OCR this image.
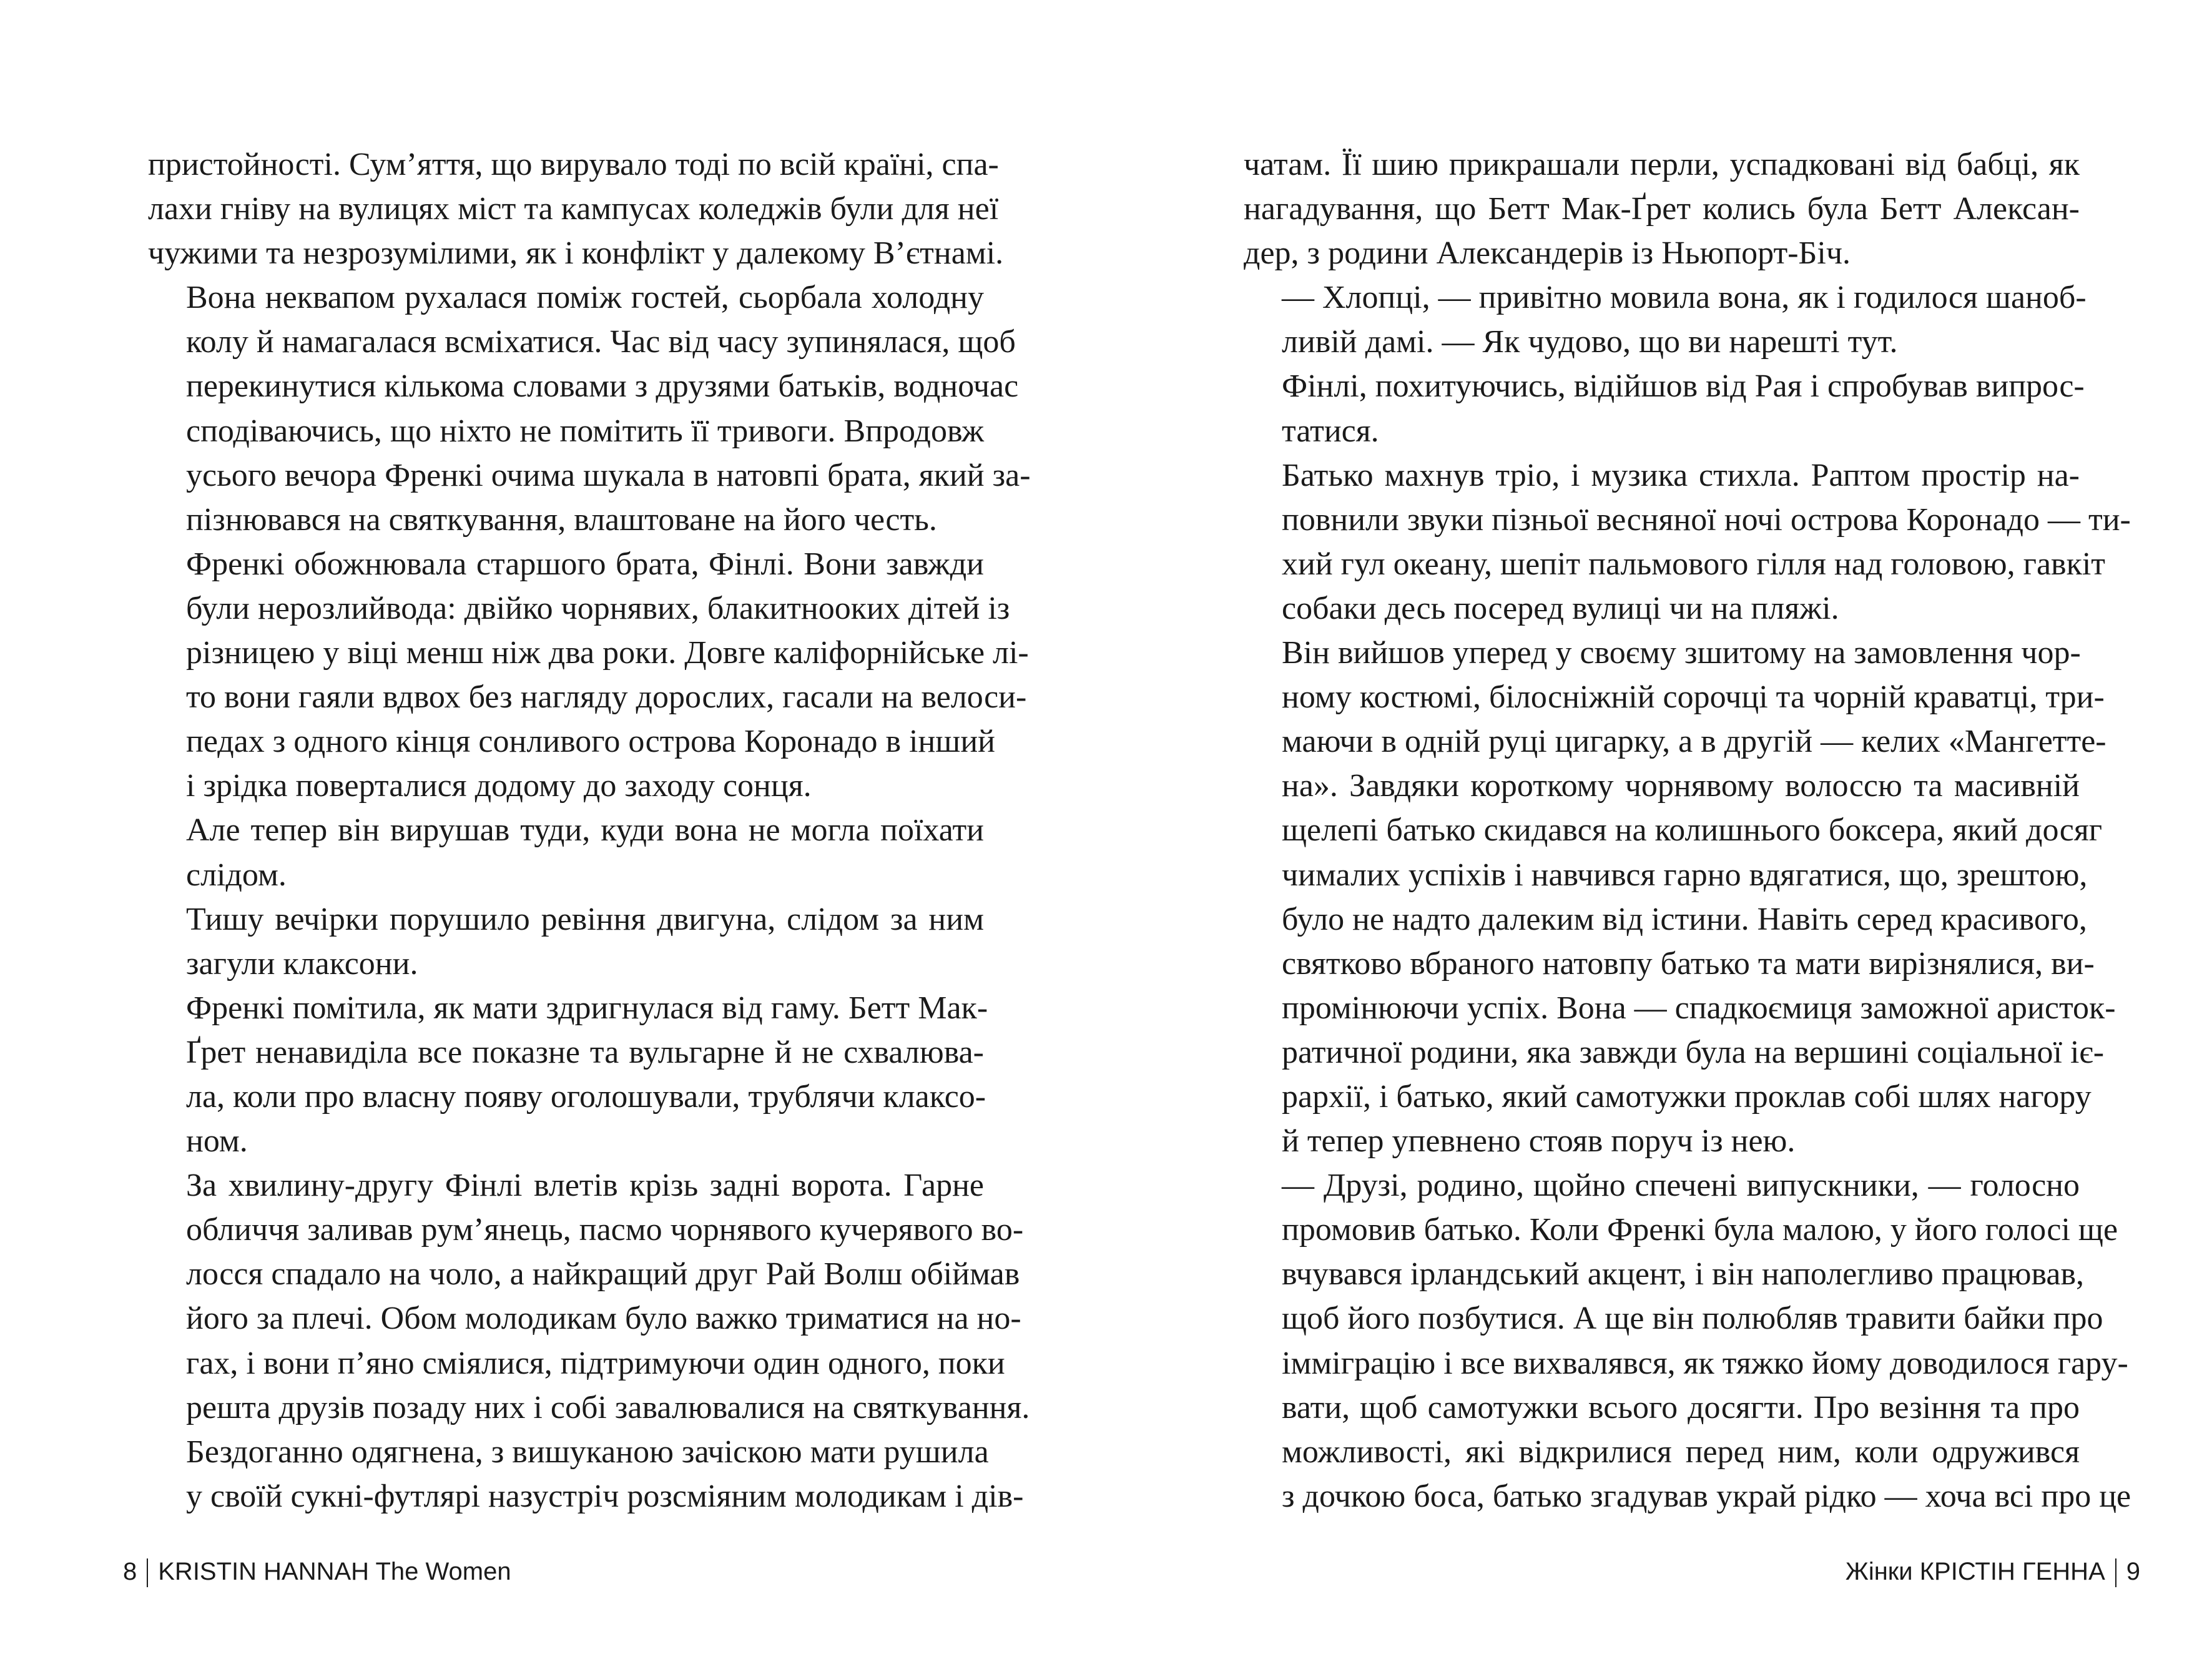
пристойності. Сум’яття, що вирувало тоді по всій країні, спа-
лахи гніву на вулицях міст та кампусах коледжів були для неї
чужими та незрозумілими, як і конфлікт у далекому В’єтнамі.

Вона неквапом рухалася поміж гостей, сьорбала холодну
колу й намагалася всміхатися. Час від часу зупинялася, щоб
перекинутися кількома словами з друзями батьків, водночас
сподіваючись, що ніхто не помітить її тривоги. Впродовж
усього вечора Френкі очима шукала в натовпі брата, який за-
пізнювався на святкування, влаштоване на його честь.

Френкі обожнювала старшого брата, Фінлі. Вони завжди
були нерозлийвода: двійко чорнявих, блакитнооких дітей із
різницею у віці менш ніж два роки. Довге каліфорнійське лі-
то вони гаяли вдвох без нагляду дорослих, гасали на велоси-
педах з одного кінця сонливого острова Коронадо в інший
і зрідка поверталися додому до заходу сонця.

Але тепер він вирушав туди, куди вона не могла поїхати
слідом.

Тишу вечірки порушило ревіння двигуна, слідом за ним
загули клаксони.

Френкі помітила, як мати здригнулася від гаму. Бетт Мак-
Ґрет ненавиділа все показне та вульгарне й не схвалюва-
ла, коли про власну появу оголошували, трублячи клаксо-
ном.

За хвилину-другу Фінлі влетів крізь задні ворота. Гарне
обличчя заливав рум’янець, пасмо чорнявого кучерявого во-
лосся спадало на чоло, а найкращий друг Рай Волш обіймав
його за плечі. Обом молодикам було важко триматися на но-
гах, і вони п’яно сміялися, підтримуючи один одного, поки
решта друзів позаду них і собі завалювалися на святкування.

Бездоганно одягнена, з вишуканою зачіскою мати рушила
у своїй сукні-футлярі назустріч розсміяним молодикам і дів-

8 KRISTIN HANNAH The Women

чатам. Її шию прикрашали перли, успадковані від бабці, як
нагадування, що Бетт Мак-Ґрет колись була Бетт Алексан-
дер, з родини Александерів із Ньюпорт-Біч.

— Хлопці, — привітно мовила вона, як і годилося шаноб-
ливій дамі. — Як чудово, що ви нарешті тут.

Фінлі, похитуючись, відійшов від Рая і спробував випрос-
татися.

Батько махнув тріо, і музика стихла. Раптом простір на-
повнили звуки пізньої весняної ночі острова Коронадо — ти-
хий гул океану, шепіт пальмового гілля над головою, гавкіт
собаки десь посеред вулиці чи на пляжі.

Він вийшов уперед у своєму зшитому на замовлення чор-
ному костюмі, білосніжній сорочці та чорній краватці, три-
маючи в одній руці цигарку, а в другій — келих «Мангетте-
на». Завдяки короткому чорнявому волоссю та масивній
щелепі батько скидався на колишнього боксера, який досяг
чималих успіхів і навчився гарно вдягатися, що, зрештою,
було не надто далеким від істини. Навіть серед красивого,
святково вбраного натовпу батько та мати вирізнялися, ви-
промінюючи успіх. Вона — спадкоємиця заможної аристок-
ратичної родини, яка завжди була на вершині соціальної іє-
рархії, і батько, який самотужки проклав собі шлях нагору
й тепер упевнено стояв поруч із нею.

— Друзі, родино, щойно спечені випускники, — голосно
промовив батько. Коли Френкі була малою, у його голосі ще
вчувався ірландський акцент, і він наполегливо працював,
щоб його позбутися. А ще він полюбляв травити байки про
імміграцію і все вихвалявся, як тяжко йому доводилося гару-
вати, щоб самотужки всього досягти. Про везіння та про
можливості, які відкрилися перед ним, коли одружився
з дочкою боса, батько згадував украй рідко — хоча всі про це

Жінки КРІСТІН ГЕННА 9
